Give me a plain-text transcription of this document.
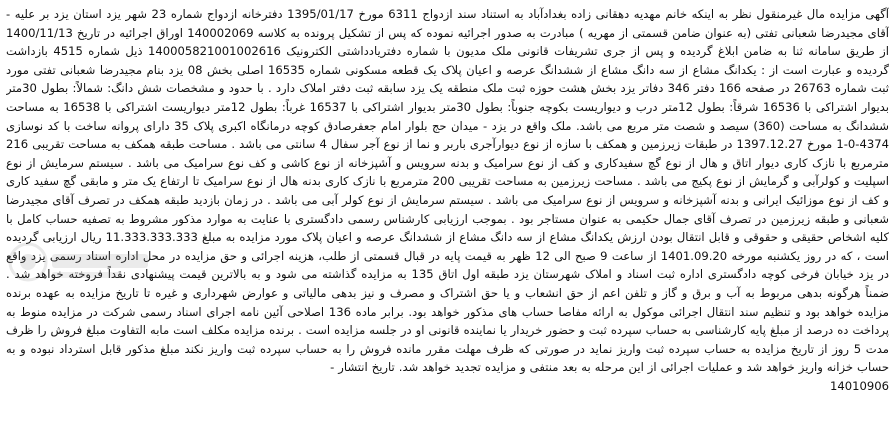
آگهی مزایده مال غیرمنقول نظر به اینکه خانم مهدیه دهقانی زاده بغدادآباد به استناد سند ازدواج 6311 مورخ 1395/01/17 دفترخانه ازدواج شماره 23 شهر یزد استان یزد بر علیه - آقای مجیدرضا شعبانی تفتی (به عنوان ضامن قسمتی از مهریه ) مبادرت به صدور اجرائیه نموده که پس از تشکیل پرونده به کلاسه 140002069 اوراق اجرائیه در تاریخ 1400/11/13 از طریق سامانه ثنا به ضامن ابلاغ گردیده و پس از جری تشریفات قانونی ملک مدیون با شماره دفتریادداشتی الکترونیک 140005821001002616 ذیل شماره 4515 بازداشت گردیده و عبارت است از : یکدانگ مشاع از سه دانگ مشاع از ششدانگ عرصه و اعیان پلاک یک قطعه مسکونی شماره 16535 اصلی بخش 08 یزد بنام مجیدرضا شعبانی تفتی مورد ثبت شماره 26763 در صفحه 166 دفتر 346 دفاتر یزد بخش هشت حوزه ثبت ملک منطقه یک یزد سابقه ثبت دفتر املاک دارد . با حدود و مشخصات شش دانگ: شمالاً: بطول 30متر بدیوار اشتراکی با 16536 شرقاً: بطول 12متر درب و دیواریست بکوچه جنوباً: بطول 30متر بدیوار اشتراکی با 16537 غرباً: بطول 12متر دیواریست اشتراکی با 16538 به مساحت ششدانگ به مساحت (360) سیصد و شصت متر مربع می باشد. ملک واقع در یزد - میدان حج بلوار امام جعفرصادق کوچه درمانگاه اکبری پلاک 35 دارای پروانه ساخت با کد نوسازی 4374-0-1 مورخ 1397.12.27 در طبقات زیرزمین و همکف با سازه از نوع دیوارآجری باربر و نما از نوع آجر سفال 4 سانتی می باشد . مساحت طبقه همکف به مساحت تقریبی 216 مترمربع با نازک کاری دیوار اتاق و هال از نوع گچ سفیدکاری و کف از نوع سرامیک و بدنه سرویس و آشپزخانه از نوع کاشی و کف نوع سرامیک می باشد . سیستم سرمایش از نوع اسپلیت و کولرآبی و گرمایش از نوع پکیج می باشد . مساحت زیرزمین به مساحت تقریبی 200 مترمربع با نازک کاری بدنه هال از نوع سرامیک تا ارتفاع یک متر و مابقی گچ سفید کاری و کف از نوع موزائیک ایرانی و بدنه آشپزخانه و سرویس از نوع سرامیک می باشد . سیستم سرمایش از نوع کولر آبی می باشد . در زمان بازدید طبقه همکف در تصرف آقای مجیدرضا شعبانی و طبقه زیرزمین در تصرف آقای جمال حکیمی به عنوان مستاجر بود . بموجب ارزیابی کارشناس رسمی دادگستری با عنایت به موارد مذکور مشروط به تصفیه حساب کامل با کلیه اشخاص حقیقی و حقوقی و قابل انتقال بودن ارزش یکدانگ مشاع از سه دانگ مشاع از ششدانگ عرصه و اعیان پلاک مورد مزایده به مبلغ 11.333.333.333 ریال ارزیابی گردیده است ، که در روز یکشنبه مورخه 1401.09.20 از ساعت 9 صبح الی 12 ظهر به قیمت پایه در قبال قسمتی از طلب، هزینه اجرائی و حق مزایده در محل اداره اسناد رسمی یزد واقع در یزد خیابان فرخی کوچه دادگستری اداره ثبت اسناد و املاک شهرستان یزد طبقه اول اتاق 135 به مزایده گذاشته می شود و به بالاترین قیمت پیشنهادی نقداً فروخته خواهد شد . ضمناً هرگونه بدهی مربوط به آب و برق و گاز و تلفن اعم از حق انشعاب و یا حق اشتراک و مصرف و نیز بدهی مالیاتی و عوارض شهرداری و غیره تا تاریخ مزایده به عهده برنده مزایده خواهد بود و تنظیم سند انتقال اجرائی موکول به ارائه مفاصا حساب های مذکور خواهد بود. برابر ماده 136 اصلاحی آئین نامه اجرای اسناد رسمی شرکت در مزایده منوط به پرداخت ده درصد از مبلغ پایه کارشناسی به حساب سپرده ثبت و حضور خریدار یا نماینده قانونی او در جلسه مزایده است . برنده مزایده مکلف است مابه التفاوت مبلغ فروش را ظرف مدت 5 روز از تاریخ مزایده به حساب سپرده ثبت واریز نماید در صورتی که ظرف مهلت مقرر مانده فروش را به حساب سپرده ثبت واریز نکند مبلغ مذکور قابل استرداد نبوده و به حساب خزانه واریز خواهد شد و عملیات اجرائی از این مرحله به بعد منتفی و مزایده تجدید خواهد شد. تاریخ انتشار -
14010906
